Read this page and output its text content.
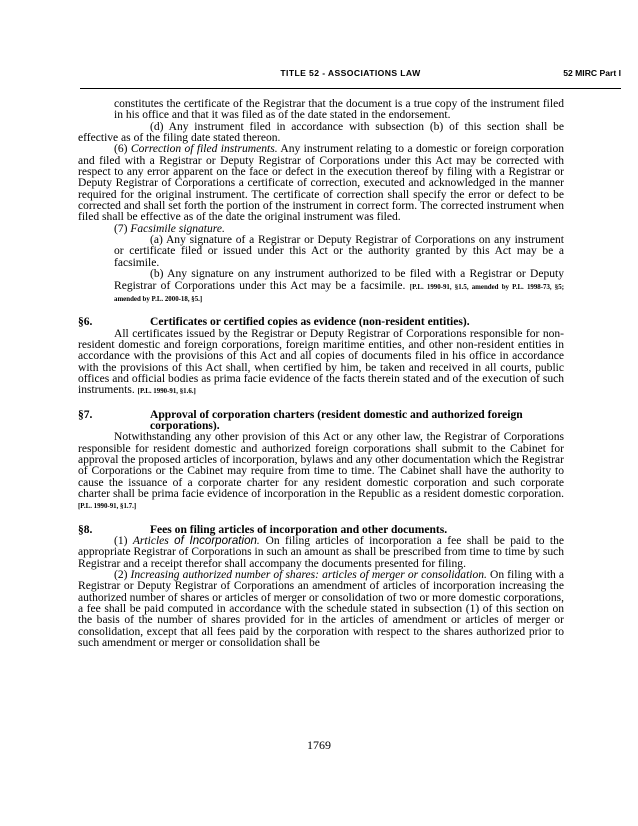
TITLE 52 - ASSOCIATIONS LAW	52 MIRC Part I

constitutes the certificate of the Registrar that the document is a true copy of the instrument filed in his office and that it was filed as of the date stated in the endorsement.

(d) Any instrument filed in accordance with subsection (b) of this section shall be effective as of the filing date stated thereon.

(6) Correction of filed instruments. Any instrument relating to a domestic or foreign corporation and filed with a Registrar or Deputy Registrar of Corporations under this Act may be corrected with respect to any error apparent on the face or defect in the execution thereof by filing with a Registrar or Deputy Registrar of Corporations a certificate of correction, executed and acknowledged in the manner required for the original instrument. The certificate of correction shall specify the error or defect to be corrected and shall set forth the portion of the instrument in correct form. The corrected instrument when filed shall be effective as of the date the original instrument was filed.

(7) Facsimile signature.

(a) Any signature of a Registrar or Deputy Registrar of Corporations on any instrument or certificate filed or issued under this Act or the authority granted by this Act may be a facsimile.

(b) Any signature on any instrument authorized to be filed with a Registrar or Deputy Registrar of Corporations under this Act may be a facsimile. [P.L. 1990-91, §1.5, amended by P.L. 1998-73, §5; amended by P.L. 2000-18, §5.]

§6.	Certificates or certified copies as evidence (non-resident entities).

All certificates issued by the Registrar or Deputy Registrar of Corporations responsible for non-resident domestic and foreign corporations, foreign maritime entities, and other non-resident entities in accordance with the provisions of this Act and all copies of documents filed in his office in accordance with the provisions of this Act shall, when certified by him, be taken and received in all courts, public offices and official bodies as prima facie evidence of the facts therein stated and of the execution of such instruments. [P.L. 1990-91, §1.6.]

§7.	Approval of corporation charters (resident domestic and authorized foreign corporations).

Notwithstanding any other provision of this Act or any other law, the Registrar of Corporations responsible for resident domestic and authorized foreign corporations shall submit to the Cabinet for approval the proposed articles of incorporation, bylaws and any other documentation which the Registrar of Corporations or the Cabinet may require from time to time. The Cabinet shall have the authority to cause the issuance of a corporate charter for any resident domestic corporation and such corporate charter shall be prima facie evidence of incorporation in the Republic as a resident domestic corporation. [P.L. 1990-91, §1.7.]

§8.	Fees on filing articles of incorporation and other documents.

(1) Articles of Incorporation. On filing articles of incorporation a fee shall be paid to the appropriate Registrar of Corporations in such an amount as shall be prescribed from time to time by such Registrar and a receipt therefor shall accompany the documents presented for filing.

(2) Increasing authorized number of shares: articles of merger or consolidation. On filing with a Registrar or Deputy Registrar of Corporations an amendment of articles of incorporation increasing the authorized number of shares or articles of merger or consolidation of two or more domestic corporations, a fee shall be paid computed in accordance with the schedule stated in subsection (1) of this section on the basis of the number of shares provided for in the articles of amendment or articles of merger or consolidation, except that all fees paid by the corporation with respect to the shares authorized prior to such amendment or merger or consolidation shall be

1769
